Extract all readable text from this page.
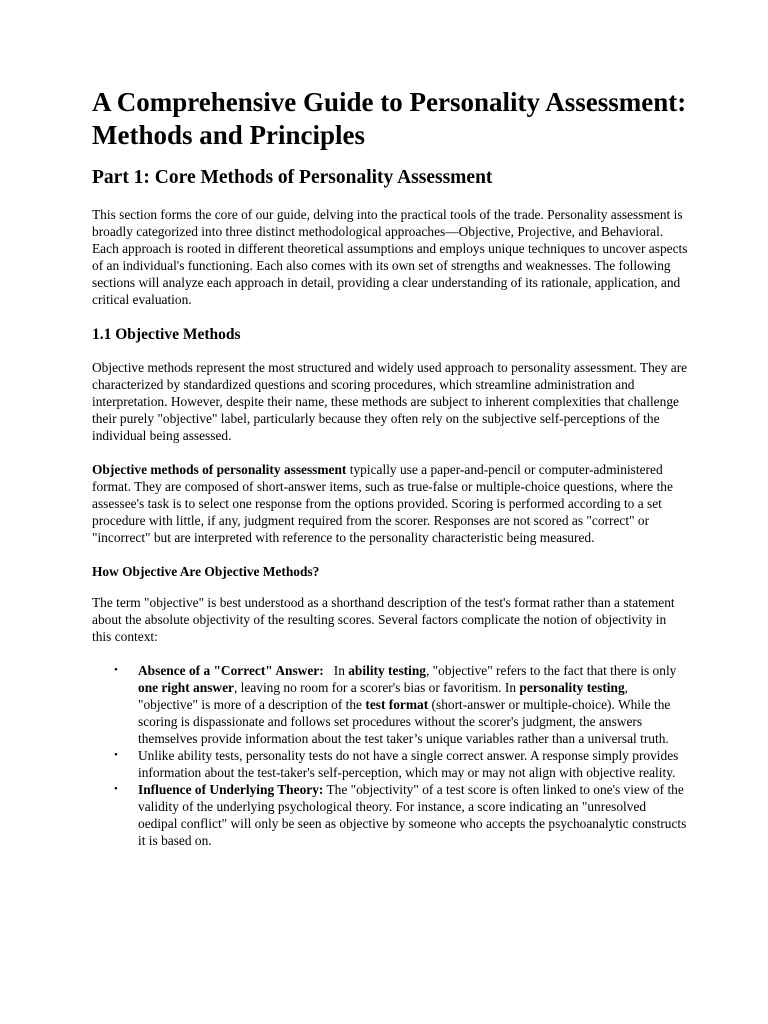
A Comprehensive Guide to Personality Assessment: Methods and Principles
Part 1: Core Methods of Personality Assessment

This section forms the core of our guide, delving into the practical tools of the trade. Personality assessment is broadly categorized into three distinct methodological approaches—Objective, Projective, and Behavioral. Each approach is rooted in different theoretical assumptions and employs unique techniques to uncover aspects of an individual's functioning. Each also comes with its own set of strengths and weaknesses. The following sections will analyze each approach in detail, providing a clear understanding of its rationale, application, and critical evaluation.

1.1 Objective Methods

Objective methods represent the most structured and widely used approach to personality assessment. They are characterized by standardized questions and scoring procedures, which streamline administration and interpretation. However, despite their name, these methods are subject to inherent complexities that challenge their purely "objective" label, particularly because they often rely on the subjective self-perceptions of the individual being assessed.

Objective methods of personality assessment typically use a paper-and-pencil or computer-administered format. They are composed of short-answer items, such as true-false or multiple-choice questions, where the assessee's task is to select one response from the options provided. Scoring is performed according to a set procedure with little, if any, judgment required from the scorer. Responses are not scored as "correct" or "incorrect" but are interpreted with reference to the personality characteristic being measured.

How Objective Are Objective Methods?

The term "objective" is best understood as a shorthand description of the test's format rather than a statement about the absolute objectivity of the resulting scores. Several factors complicate the notion of objectivity in this context:

• Absence of a "Correct" Answer:   In ability testing, "objective" refers to the fact that there is only one right answer, leaving no room for a scorer's bias or favoritism. In personality testing, "objective" is more of a description of the test format (short-answer or multiple-choice). While the scoring is dispassionate and follows set procedures without the scorer's judgment, the answers themselves provide information about the test taker’s unique variables rather than a universal truth.
• Unlike ability tests, personality tests do not have a single correct answer. A response simply provides information about the test-taker's self-perception, which may or may not align with objective reality.
• Influence of Underlying Theory: The "objectivity" of a test score is often linked to one's view of the validity of the underlying psychological theory. For instance, a score indicating an "unresolved oedipal conflict" will only be seen as objective by someone who accepts the psychoanalytic constructs it is based on.
